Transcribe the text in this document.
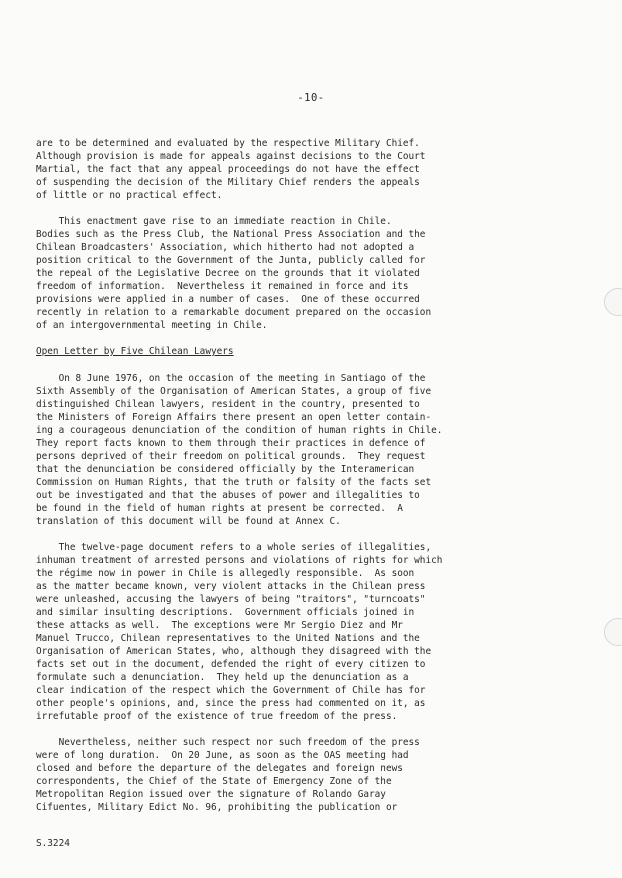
-10-

are to be determined and evaluated by the respective Military Chief.

Although provision is made for appeals against decisions to the Court

Martial, the fact that any appeal proceedings do not have the effect

of suspending the decision of the Military Chief renders the appeals

of little or no practical effect.

This enactment gave rise to an immediate reaction in Chile.

Bodies such as the Press Club, the National Press Association and the

Chilean Broadcasters' Association, which hitherto had not adopted a

position critical to the Government of the Junta, publicly called for

the repeal of the Legislative Decree on the grounds that it violated

freedom of information.  Nevertheless it remained in force and its

provisions were applied in a number of cases.  One of these occurred

recently in relation to a remarkable document prepared on the occasion

of an intergovernmental meeting in Chile.

Open Letter by Five Chilean Lawyers

On 8 June 1976, on the occasion of the meeting in Santiago of the

Sixth Assembly of the Organisation of American States, a group of five

distinguished Chilean lawyers, resident in the country, presented to

the Ministers of Foreign Affairs there present an open letter contain-

ing a courageous denunciation of the condition of human rights in Chile.

They report facts known to them through their practices in defence of

persons deprived of their freedom on political grounds.  They request

that the denunciation be considered officially by the Interamerican

Commission on Human Rights, that the truth or falsity of the facts set

out be investigated and that the abuses of power and illegalities to

be found in the field of human rights at present be corrected.  A

translation of this document will be found at Annex C.

The twelve-page document refers to a whole series of illegalities,

inhuman treatment of arrested persons and violations of rights for which

the régime now in power in Chile is allegedly responsible.  As soon

as the matter became known, very violent attacks in the Chilean press

were unleashed, accusing the lawyers of being "traitors", "turncoats"

and similar insulting descriptions.  Government officials joined in

these attacks as well.  The exceptions were Mr Sergio Diez and Mr

Manuel Trucco, Chilean representatives to the United Nations and the

Organisation of American States, who, although they disagreed with the

facts set out in the document, defended the right of every citizen to

formulate such a denunciation.  They held up the denunciation as a

clear indication of the respect which the Government of Chile has for

other people's opinions, and, since the press had commented on it, as

irrefutable proof of the existence of true freedom of the press.

Nevertheless, neither such respect nor such freedom of the press

were of long duration.  On 20 June, as soon as the OAS meeting had

closed and before the departure of the delegates and foreign news

correspondents, the Chief of the State of Emergency Zone of the

Metropolitan Region issued over the signature of Rolando Garay

Cifuentes, Military Edict No. 96, prohibiting the publication or

S.3224
